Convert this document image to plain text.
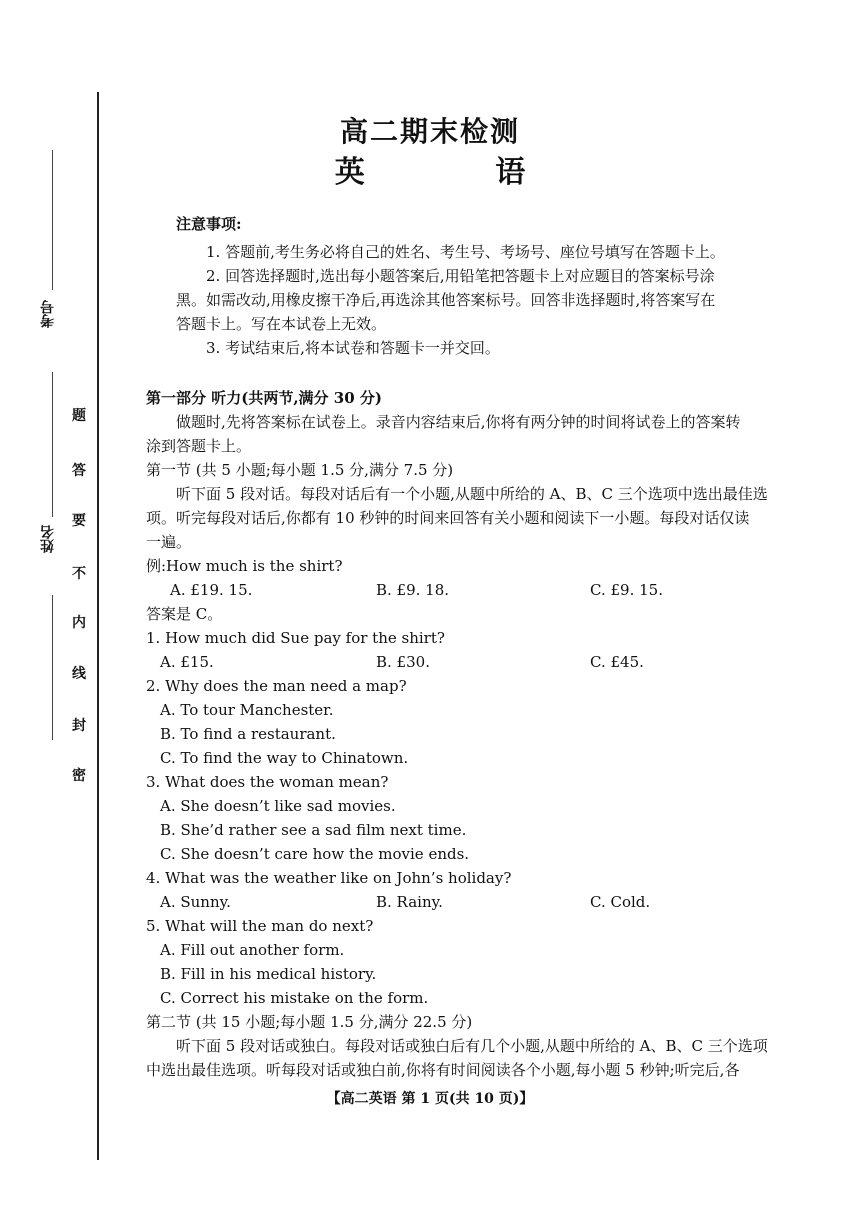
考号
姓名
题
答
要
不
内
线
封
密
高二期末检测
英 语
注意事项:
1. 答题前,考生务必将自己的姓名、考生号、考场号、座位号填写在答题卡上。
2. 回答选择题时,选出每小题答案后,用铅笔把答题卡上对应题目的答案标号涂
黑。如需改动,用橡皮擦干净后,再选涂其他答案标号。回答非选择题时,将答案写在
答题卡上。写在本试卷上无效。
3. 考试结束后,将本试卷和答题卡一并交回。
第一部分 听力(共两节,满分 30 分)
做题时,先将答案标在试卷上。录音内容结束后,你将有两分钟的时间将试卷上的答案转
涂到答题卡上。
第一节 (共 5 小题;每小题 1.5 分,满分 7.5 分)
听下面 5 段对话。每段对话后有一个小题,从题中所给的 A、B、C 三个选项中选出最佳选
项。听完每段对话后,你都有 10 秒钟的时间来回答有关小题和阅读下一小题。每段对话仅读
一遍。
例:How much is the shirt?
A. £19. 15.	B. £9. 18.	C. £9. 15.
答案是 C。
1. How much did Sue pay for the shirt?
A. £15.	B. £30.	C. £45.
2. Why does the man need a map?
A. To tour Manchester.
B. To find a restaurant.
C. To find the way to Chinatown.
3. What does the woman mean?
A. She doesn’t like sad movies.
B. She’d rather see a sad film next time.
C. She doesn’t care how the movie ends.
4. What was the weather like on John’s holiday?
A. Sunny.	B. Rainy.	C. Cold.
5. What will the man do next?
A. Fill out another form.
B. Fill in his medical history.
C. Correct his mistake on the form.
第二节 (共 15 小题;每小题 1.5 分,满分 22.5 分)
听下面 5 段对话或独白。每段对话或独白后有几个小题,从题中所给的 A、B、C 三个选项
中选出最佳选项。听每段对话或独白前,你将有时间阅读各个小题,每小题 5 秒钟;听完后,各
【高二英语 第 1 页(共 10 页)】
